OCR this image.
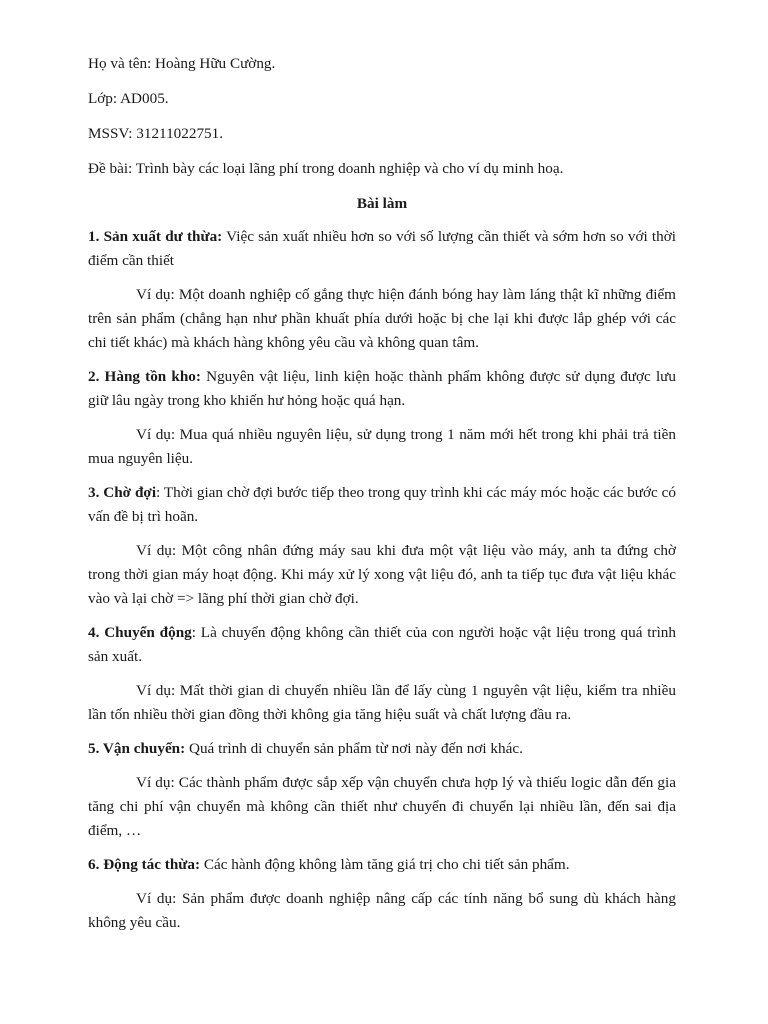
Họ và tên: Hoàng Hữu Cường.

Lớp: AD005.

MSSV: 31211022751.

Đề bài: Trình bày các loại lãng phí trong doanh nghiệp và cho ví dụ minh hoạ.

Bài làm

1. Sản xuất dư thừa: Việc sản xuất nhiều hơn so với số lượng cần thiết và sớm hơn so với thời điểm cần thiết

Ví dụ: Một doanh nghiệp cố gắng thực hiện đánh bóng hay làm láng thật kĩ những điểm trên sản phẩm (chẳng hạn như phần khuất phía dưới hoặc bị che lại khi được lắp ghép với các chi tiết khác) mà khách hàng không yêu cầu và không quan tâm.

2. Hàng tồn kho: Nguyên vật liệu, linh kiện hoặc thành phẩm không được sử dụng được lưu giữ lâu ngày trong kho khiến hư hỏng hoặc quá hạn.

Ví dụ: Mua quá nhiều nguyên liệu, sử dụng trong 1 năm mới hết trong khi phải trả tiền mua nguyên liệu.

3. Chờ đợi: Thời gian chờ đợi bước tiếp theo trong quy trình khi các máy móc hoặc các bước có vấn đề bị trì hoãn.

Ví dụ: Một công nhân đứng máy sau khi đưa một vật liệu vào máy, anh ta đứng chờ trong thời gian máy hoạt động. Khi máy xử lý xong vật liệu đó, anh ta tiếp tục đưa vật liệu khác vào và lại chờ => lãng phí thời gian chờ đợi.

4. Chuyển động: Là chuyển động không cần thiết của con người hoặc vật liệu trong quá trình sản xuất.

Ví dụ: Mất thời gian di chuyển nhiều lần để lấy cùng 1 nguyên vật liệu, kiểm tra nhiều lần tốn nhiều thời gian đồng thời không gia tăng hiệu suất và chất lượng đầu ra.

5. Vận chuyển: Quá trình di chuyển sản phẩm từ nơi này đến nơi khác.

Ví dụ: Các thành phẩm được sắp xếp vận chuyển chưa hợp lý và thiếu logic dẫn đến gia tăng chi phí vận chuyển mà không cần thiết như chuyển đi chuyển lại nhiều lần, đến sai địa điểm, …

6. Động tác thừa: Các hành động không làm tăng giá trị cho chi tiết sản phẩm.

Ví dụ: Sản phẩm được doanh nghiệp nâng cấp các tính năng bổ sung dù khách hàng không yêu cầu.
